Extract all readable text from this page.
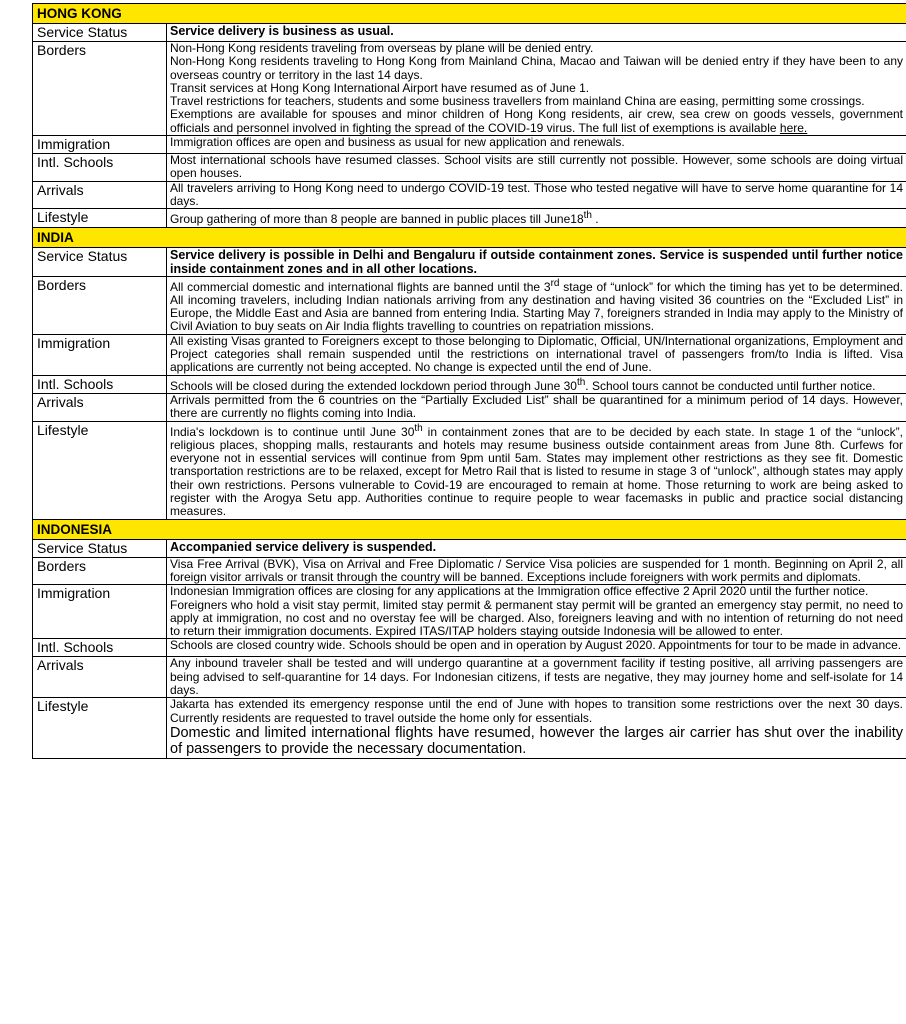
HONG KONG	
Service Status	Service delivery is business as usual.
Borders	Non-Hong Kong residents traveling from overseas by plane will be denied entry.

Non-Hong Kong residents traveling to Hong Kong from Mainland China, Macao and Taiwan will be denied entry if they have been to any overseas country or territory in the last 14 days.

Transit services at Hong Kong International Airport have resumed as of June 1.

Travel restrictions for teachers, students and some business travellers from mainland China are easing, permitting some crossings.

Exemptions are available for spouses and minor children of Hong Kong residents, air crew, sea crew on goods vessels, government officials and personnel involved in fighting the spread of the COVID-19 virus. The full list of exemptions is available here.

Immigration	Immigration offices are open and business as usual for new application and renewals.
Intl. Schools	Most international schools have resumed classes. School visits are still currently not possible. However, some schools are doing virtual open houses.
Arrivals	All travelers arriving to Hong Kong need to undergo COVID-19 test. Those who tested negative will have to serve home quarantine for 14 days.
Lifestyle	Group gathering of more than 8 people are banned in public places till June18th .
INDIA	
Service Status	Service delivery is possible in Delhi and Bengaluru if outside containment zones. Service is suspended until further notice inside containment zones and in all other locations.
Borders	All commercial domestic and international flights are banned until the 3rd stage of “unlock” for which the timing has yet to be determined. All incoming travelers, including Indian nationals arriving from any destination and having visited 36 countries on the “Excluded List” in Europe, the Middle East and Asia are banned from entering India. Starting May 7, foreigners stranded in India may apply to the Ministry of Civil Aviation to buy seats on Air India flights travelling to countries on repatriation missions.
Immigration	All existing Visas granted to Foreigners except to those belonging to Diplomatic, Official, UN/International organizations, Employment and Project categories shall remain suspended until the restrictions on international travel of passengers from/to India is lifted. Visa applications are currently not being accepted. No change is expected until the end of June.
Intl. Schools	Schools will be closed during the extended lockdown period through June 30th. School tours cannot be conducted until further notice.
Arrivals	Arrivals permitted from the 6 countries on the “Partially Excluded List” shall be quarantined for a minimum period of 14 days. However, there are currently no flights coming into India.
Lifestyle	India's lockdown is to continue until June 30th in containment zones that are to be decided by each state. In stage 1 of the “unlock”, religious places, shopping malls, restaurants and hotels may resume business outside containment areas from June 8th. Curfews for everyone not in essential services will continue from 9pm until 5am. States may implement other restrictions as they see fit. Domestic transportation restrictions are to be relaxed, except for Metro Rail that is listed to resume in stage 3 of “unlock”, although states may apply their own restrictions. Persons vulnerable to Covid-19 are encouraged to remain at home. Those returning to work are being asked to register with the Arogya Setu app. Authorities continue to require people to wear facemasks in public and practice social distancing measures.
INDONESIA	
Service Status	Accompanied service delivery is suspended.
Borders	Visa Free Arrival (BVK), Visa on Arrival and Free Diplomatic / Service Visa policies are suspended for 1 month. Beginning on April 2, all foreign visitor arrivals or transit through the country will be banned. Exceptions include foreigners with work permits and diplomats.
Immigration	Indonesian Immigration offices are closing for any applications at the Immigration office effective 2 April 2020 until the further notice.

Foreigners who hold a visit stay permit, limited stay permit & permanent stay permit will be granted an emergency stay permit, no need to apply at immigration, no cost and no overstay fee will be charged. Also, foreigners leaving and with no intention of returning do not need to return their immigration documents. Expired ITAS/ITAP holders staying outside Indonesia will be allowed to enter.

Intl. Schools	Schools are closed country wide. Schools should be open and in operation by August 2020. Appointments for tour to be made in advance.
Arrivals	Any inbound traveler shall be tested and will undergo quarantine at a government facility if testing positive, all arriving passengers are being advised to self-quarantine for 14 days. For Indonesian citizens, if tests are negative, they may journey home and self-isolate for 14 days.
Lifestyle	Jakarta has extended its emergency response until the end of June with hopes to transition some restrictions over the next 30 days. Currently residents are requested to travel outside the home only for essentials.

Domestic and limited international flights have resumed, however the larges air carrier has shut over the inability of passengers to provide the necessary documentation.
